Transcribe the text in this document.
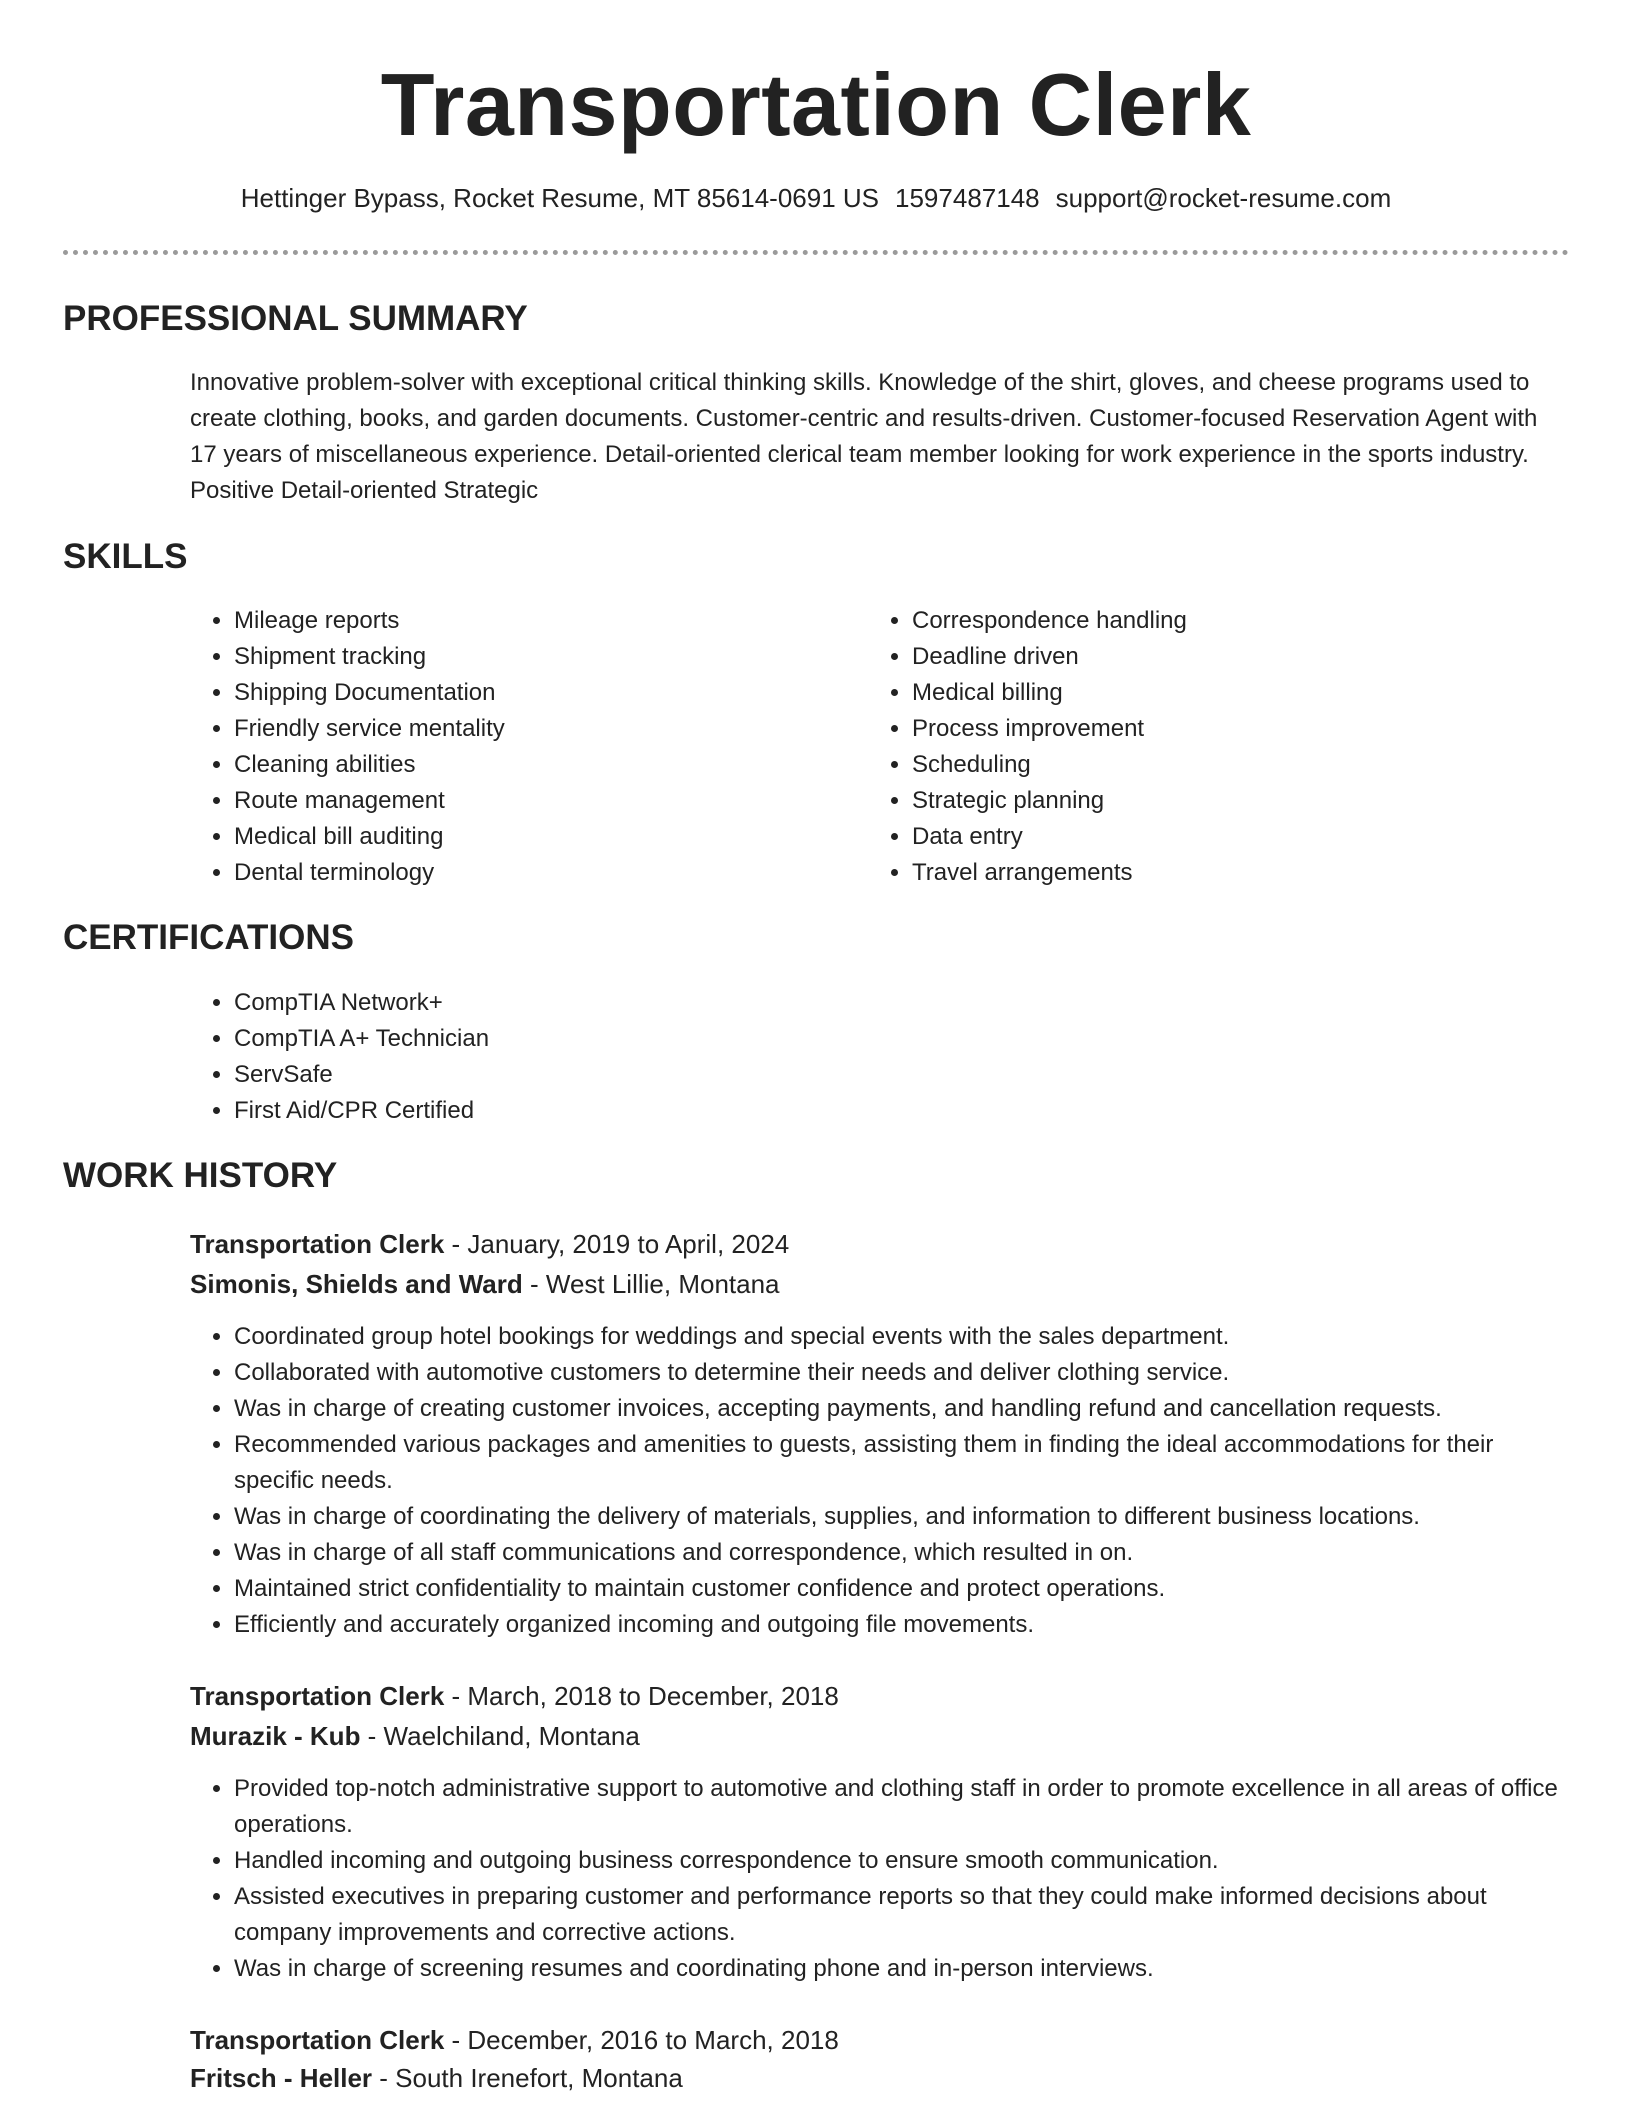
Transportation Clerk
Hettinger Bypass, Rocket Resume, MT 85614-0691 US 1597487148 support@rocket-resume.com
PROFESSIONAL SUMMARY

Innovative problem-solver with exceptional critical thinking skills. Knowledge of the shirt, gloves, and cheese programs used to create clothing, books, and garden documents. Customer-centric and results-driven. Customer-focused Reservation Agent with 17 years of miscellaneous experience. Detail-oriented clerical team member looking for work experience in the sports industry. Positive Detail-oriented Strategic

SKILLS
• Mileage reports
• Shipment tracking
• Shipping Documentation
• Friendly service mentality
• Cleaning abilities
• Route management
• Medical bill auditing
• Dental terminology
• Correspondence handling
• Deadline driven
• Medical billing
• Process improvement
• Scheduling
• Strategic planning
• Data entry
• Travel arrangements
CERTIFICATIONS
• CompTIA Network+
• CompTIA A+ Technician
• ServSafe
• First Aid/CPR Certified
WORK HISTORY
Transportation Clerk - January, 2019 to April, 2024
Simonis, Shields and Ward - West Lillie, Montana
• Coordinated group hotel bookings for weddings and special events with the sales department.
• Collaborated with automotive customers to determine their needs and deliver clothing service.
• Was in charge of creating customer invoices, accepting payments, and handling refund and cancellation requests.
• Recommended various packages and amenities to guests, assisting them in finding the ideal accommodations for their specific needs.
• Was in charge of coordinating the delivery of materials, supplies, and information to different business locations.
• Was in charge of all staff communications and correspondence, which resulted in on.
• Maintained strict confidentiality to maintain customer confidence and protect operations.
• Efficiently and accurately organized incoming and outgoing file movements.
Transportation Clerk - March, 2018 to December, 2018
Murazik - Kub - Waelchiland, Montana
• Provided top-notch administrative support to automotive and clothing staff in order to promote excellence in all areas of office operations.
• Handled incoming and outgoing business correspondence to ensure smooth communication.
• Assisted executives in preparing customer and performance reports so that they could make informed decisions about company improvements and corrective actions.
• Was in charge of screening resumes and coordinating phone and in-person interviews.
Transportation Clerk - December, 2016 to March, 2018
Fritsch - Heller - South Irenefort, Montana
